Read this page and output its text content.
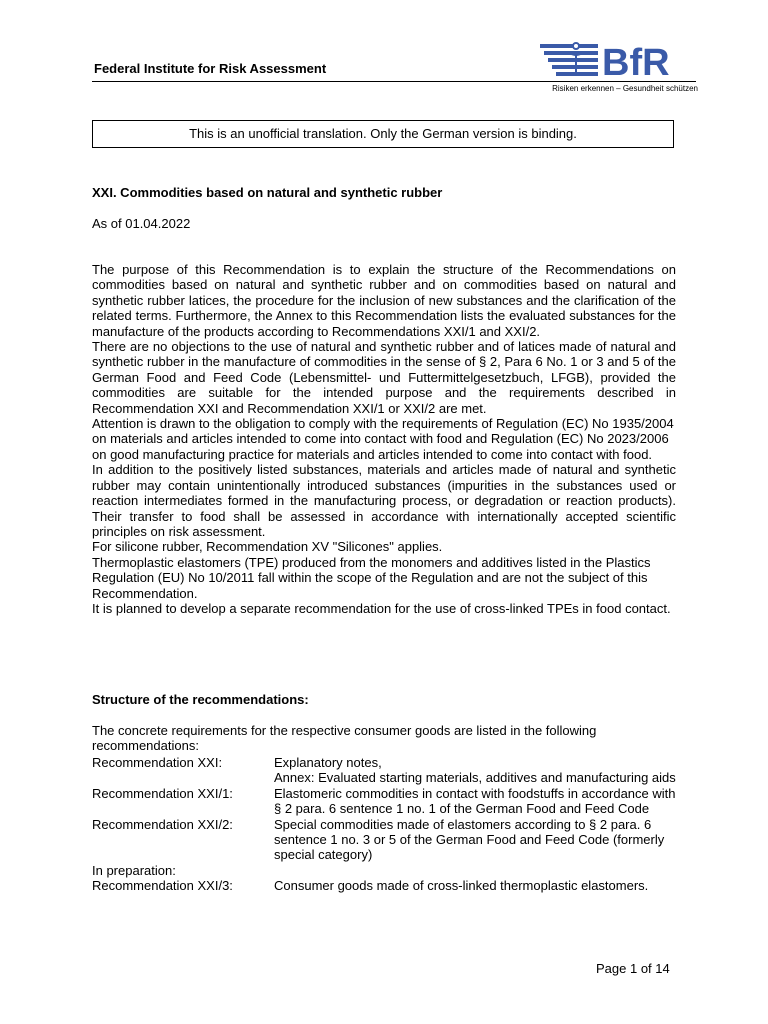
Federal Institute for Risk Assessment	BfR
Risiken erkennen – Gesundheit schützen
This is an unofficial translation. Only the German version is binding.
XXI. Commodities based on natural and synthetic rubber
As of 01.04.2022

The purpose of this Recommendation is to explain the structure of the Recommendations on commodities based on natural and synthetic rubber and on commodities based on natural and synthetic rubber latices, the procedure for the inclusion of new substances and the clarification of the related terms. Furthermore, the Annex to this Recommendation lists the evaluated substances for the manufacture of the products according to Recommendations XXI/1 and XXI/2.

There are no objections to the use of natural and synthetic rubber and of latices made of natural and synthetic rubber in the manufacture of commodities in the sense of § 2, Para 6 No. 1 or 3 and 5 of the German Food and Feed Code (Lebensmittel- und Futtermittelgesetzbuch, LFGB), provided the commodities are suitable for the intended purpose and the requirements described in Recommendation XXI and Recommendation XXI/1 or XXI/2 are met.

Attention is drawn to the obligation to comply with the requirements of Regulation (EC) No 1935/2004 on materials and articles intended to come into contact with food and Regulation (EC) No 2023/2006 on good manufacturing practice for materials and articles intended to come into contact with food.

In addition to the positively listed substances, materials and articles made of natural and synthetic rubber may contain unintentionally introduced substances (impurities in the substances used or reaction intermediates formed in the manufacturing process, or degradation or reaction products). Their transfer to food shall be assessed in accordance with internationally accepted scientific principles on risk assessment.

For silicone rubber, Recommendation XV "Silicones" applies.

Thermoplastic elastomers (TPE) produced from the monomers and additives listed in the Plastics Regulation (EU) No 10/2011 fall within the scope of the Regulation and are not the subject of this Recommendation.

It is planned to develop a separate recommendation for the use of cross-linked TPEs in food contact.

Structure of the recommendations:
The concrete requirements for the respective consumer goods are listed in the following recommendations:
Recommendation XXI:	Explanatory notes,
Annex: Evaluated starting materials, additives and manufacturing aids
Recommendation XXI/1:	Elastomeric commodities in contact with foodstuffs in accordance with § 2 para. 6 sentence 1 no. 1 of the German Food and Feed Code
Recommendation XXI/2:	Special commodities made of elastomers according to § 2 para. 6 sentence 1 no. 3 or 5 of the German Food and Feed Code (formerly special category)
In preparation:
Recommendation XXI/3:	Consumer goods made of cross-linked thermoplastic elastomers.
Page 1 of 14
